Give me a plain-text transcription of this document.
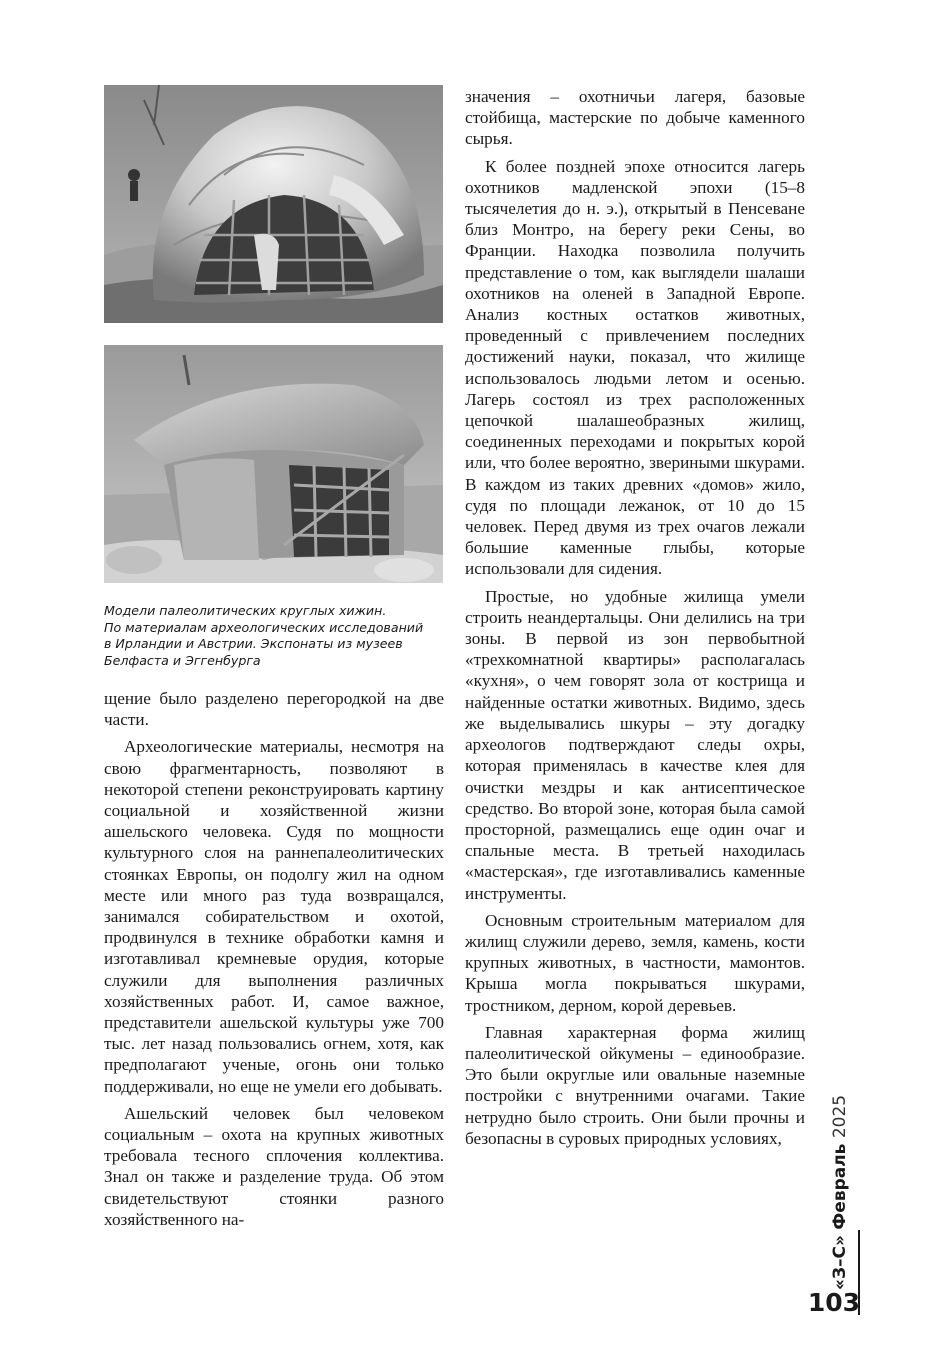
Модели палеолитических круглых хижин.
По материалам археологических исследований
в Ирландии и Австрии. Экспонаты из музеев
Белфаста и Эггенбурга

щение было разделено перегородкой на две части.

Археологические материалы, несмотря на свою фрагментарность, позволяют в некоторой степени реконструировать картину социальной и хозяйственной жизни ашельского человека. Судя по мощности культурного слоя на раннепалеолитических стоянках Европы, он подолгу жил на одном месте или много раз туда возвращался, занимался собирательством и охотой, продвинулся в технике обработки камня и изготавливал кремневые орудия, которые служили для выполнения различных хозяйственных работ. И, самое важное, представители ашельской культуры уже 700 тыс. лет назад пользовались огнем, хотя, как предполагают ученые, огонь они только поддерживали, но еще не умели его добывать.

Ашельский человек был человеком социальным – охота на крупных животных требовала тесного сплочения коллектива. Знал он также и разделение труда. Об этом свидетельствуют стоянки разного хозяйственного на-

значения – охотничьи лагеря, базовые стойбища, мастерские по добыче каменного сырья.

К более поздней эпохе относится лагерь охотников мадленской эпохи (15–8 тысячелетия до н. э.), открытый в Пенсеване близ Монтро, на берегу реки Сены, во Франции. Находка позволила получить представление о том, как выглядели шалаши охотников на оленей в Западной Европе. Анализ костных остатков животных, проведенный с привлечением последних достижений науки, показал, что жилище использовалось людьми летом и осенью. Лагерь состоял из трех расположенных цепочкой шалашеобразных жилищ, соединенных переходами и покрытых корой или, что более вероятно, звериными шкурами. В каждом из таких древних «домов» жило, судя по площади лежанок, от 10 до 15 человек. Перед двумя из трех очагов лежали большие каменные глыбы, которые использовали для сидения.

Простые, но удобные жилища умели строить неандертальцы. Они делились на три зоны. В первой из зон первобытной «трехкомнатной квартиры» располагалась «кухня», о чем говорят зола от кострища и найденные остатки животных. Видимо, здесь же выделывались шкуры – эту догадку археологов подтверждают следы охры, которая применялась в качестве клея для очистки мездры и как антисептическое средство. Во второй зоне, которая была самой просторной, размещались еще один очаг и спальные места. В третьей находилась «мастерская», где изготавливались каменные инструменты.

Основным строительным материалом для жилищ служили дерево, земля, камень, кости крупных животных, в частности, мамонтов. Крыша могла покрываться шкурами, тростником, дерном, корой деревьев.

Главная характерная форма жилищ палеолитической ойкумены – единообразие. Это были округлые или овальные наземные постройки с внутренними очагами. Такие нетрудно было строить. Они были прочны и безопасны в суровых природных условиях,

«З–С» Февраль 2025
103
